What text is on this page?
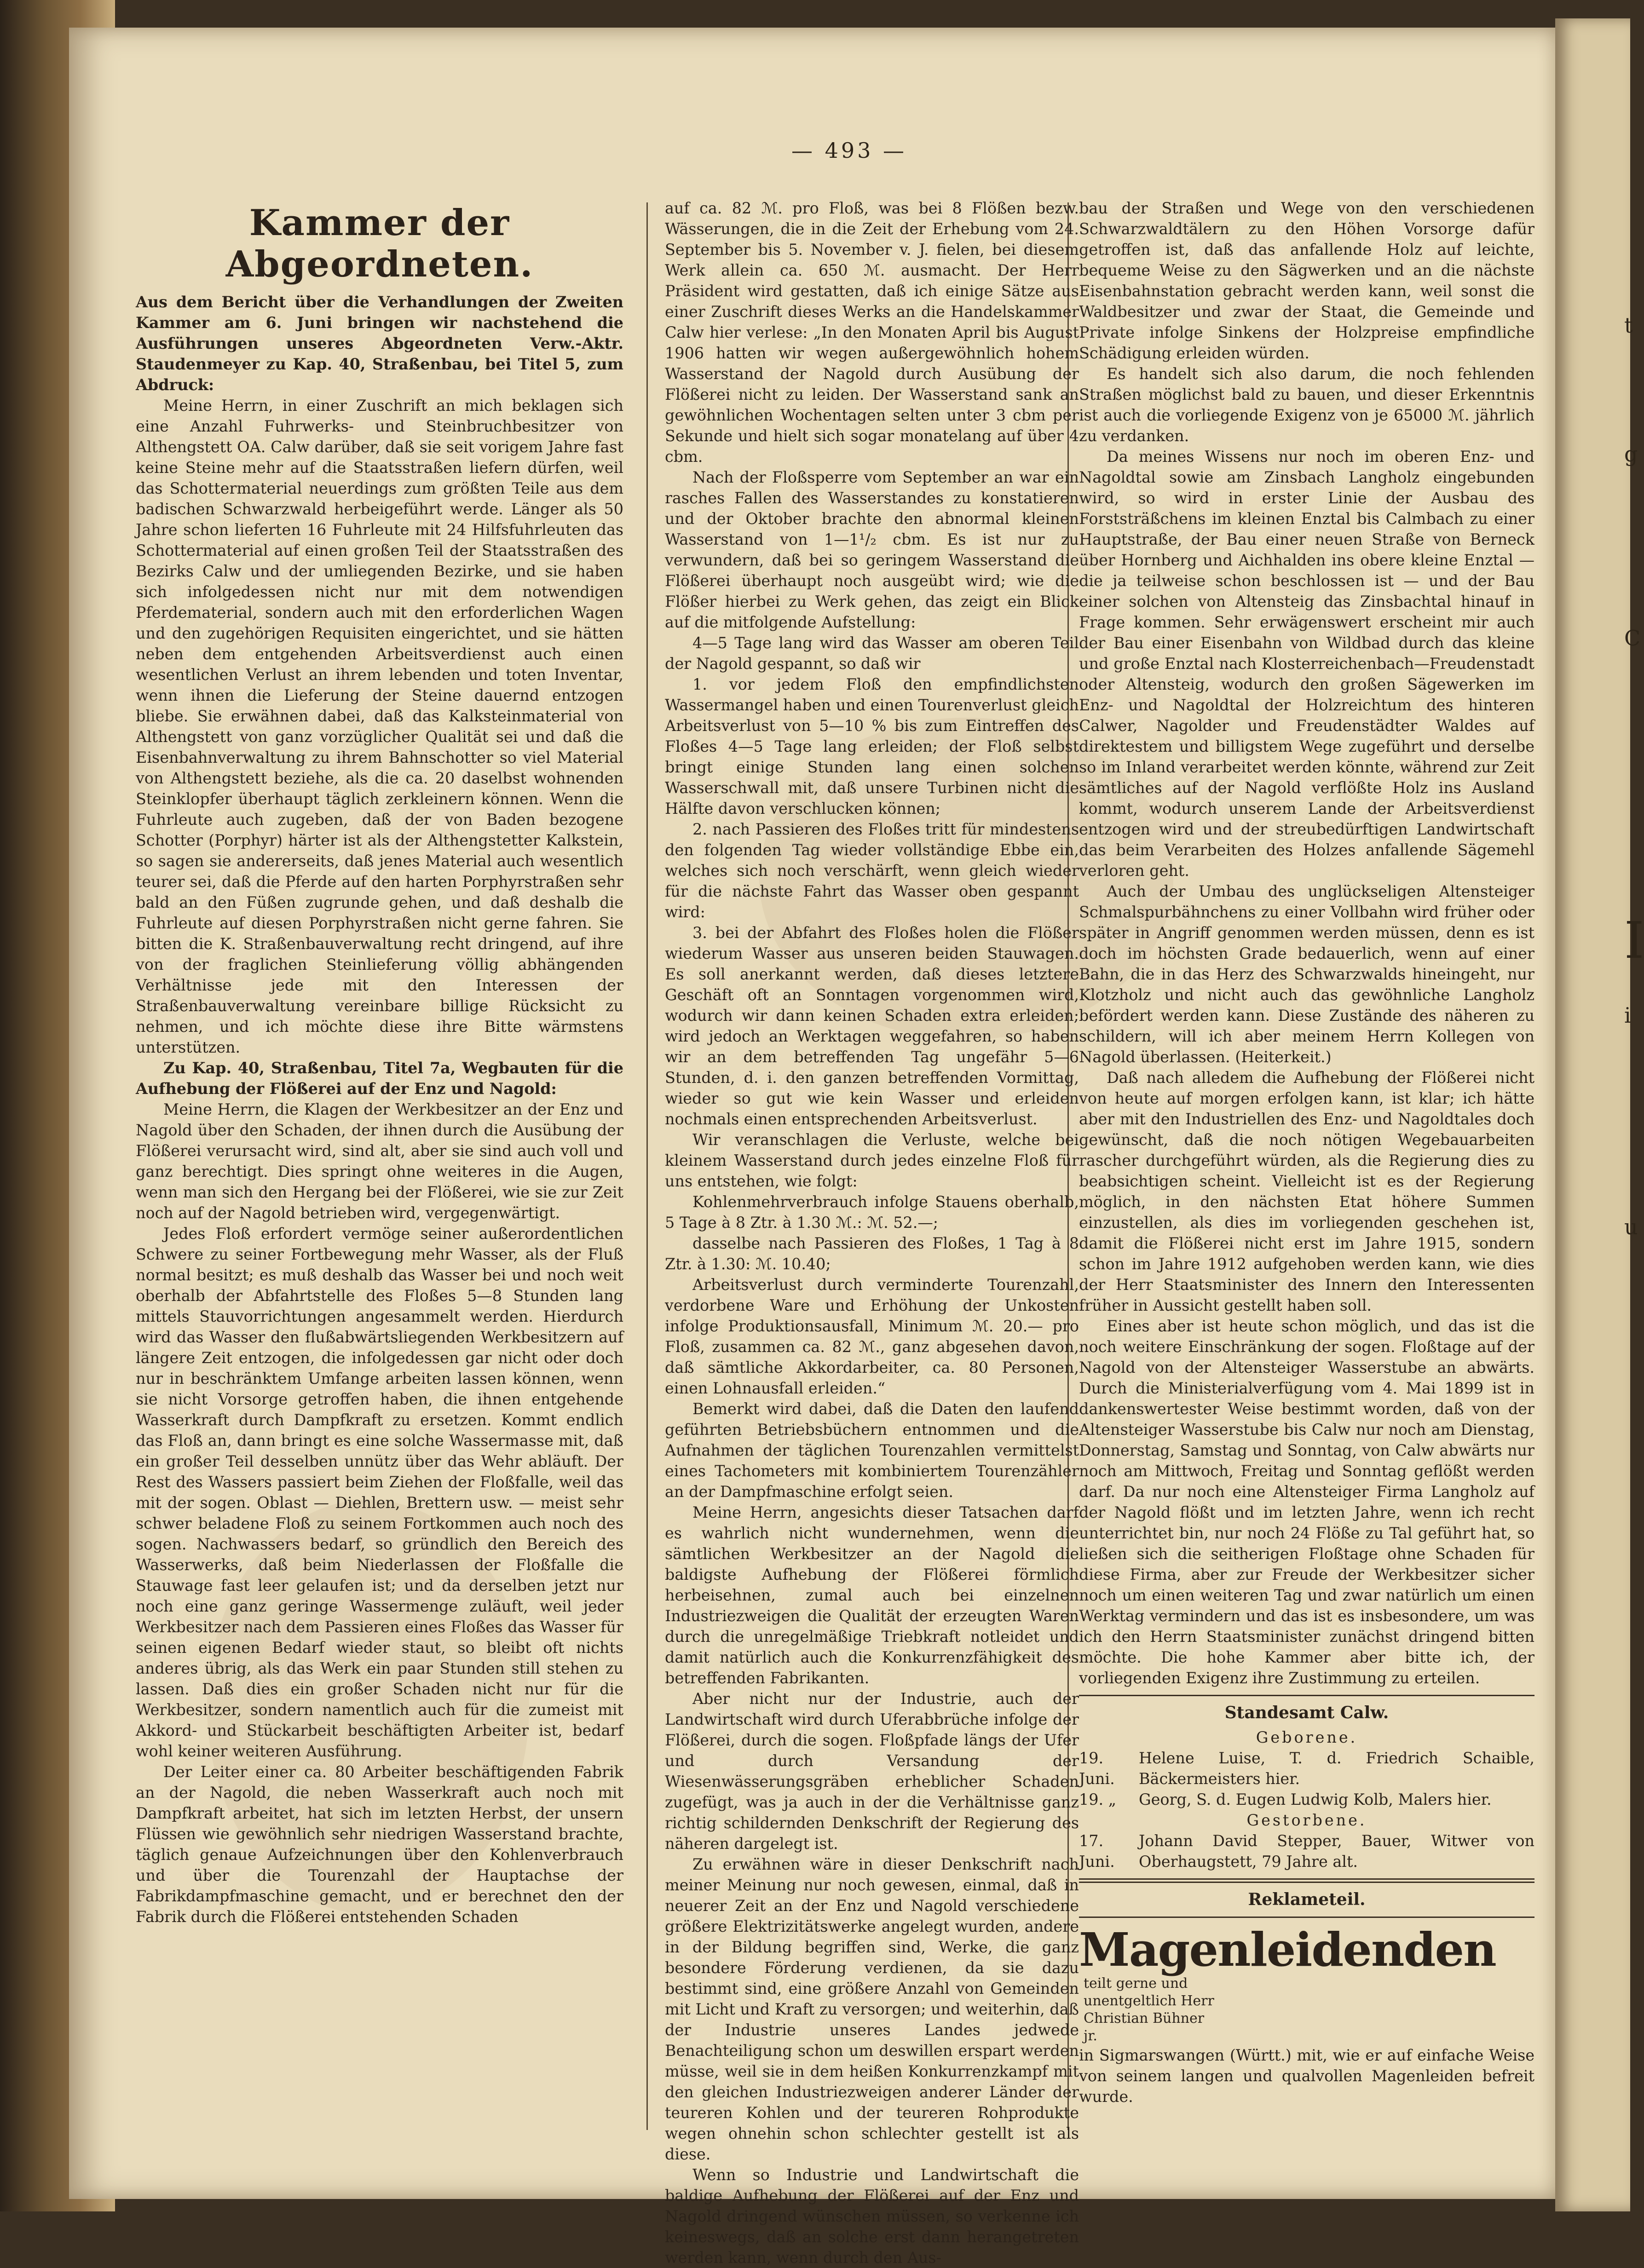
t
g
C
I
i
u

— 493 —

Kammer der Abgeordneten.

Aus dem Bericht über die Verhandlungen der Zweiten Kammer am 6. Juni bringen wir nachstehend die Ausführungen unseres Abgeordneten Verw.-Aktr. Staudenmeyer zu Kap. 40, Straßenbau, bei Titel 5, zum Abdruck:

Meine Herrn, in einer Zuschrift an mich beklagen sich eine Anzahl Fuhrwerks- und Steinbruchbesitzer von Althengstett OA. Calw darüber, daß sie seit vorigem Jahre fast keine Steine mehr auf die Staatsstraßen liefern dürfen, weil das Schottermaterial neuerdings zum größten Teile aus dem badischen Schwarzwald herbeigeführt werde. Länger als 50 Jahre schon lieferten 16 Fuhrleute mit 24 Hilfsfuhrleuten das Schottermaterial auf einen großen Teil der Staatsstraßen des Bezirks Calw und der umliegenden Bezirke, und sie haben sich infolgedessen nicht nur mit dem notwendigen Pferdematerial, sondern auch mit den erforderlichen Wagen und den zugehörigen Requisiten eingerichtet, und sie hätten neben dem entgehenden Arbeitsverdienst auch einen wesentlichen Verlust an ihrem lebenden und toten Inventar, wenn ihnen die Lieferung der Steine dauernd entzogen bliebe. Sie erwähnen dabei, daß das Kalksteinmaterial von Althengstett von ganz vorzüglicher Qualität sei und daß die Eisenbahnverwaltung zu ihrem Bahnschotter so viel Material von Althengstett beziehe, als die ca. 20 daselbst wohnenden Steinklopfer überhaupt täglich zerkleinern können. Wenn die Fuhrleute auch zugeben, daß der von Baden bezogene Schotter (Porphyr) härter ist als der Althengstetter Kalkstein, so sagen sie andererseits, daß jenes Material auch wesentlich teurer sei, daß die Pferde auf den harten Porphyrstraßen sehr bald an den Füßen zugrunde gehen, und daß deshalb die Fuhrleute auf diesen Porphyrstraßen nicht gerne fahren. Sie bitten die K. Straßenbauverwaltung recht dringend, auf ihre von der fraglichen Steinlieferung völlig abhängenden Verhältnisse jede mit den Interessen der Straßenbauverwaltung vereinbare billige Rücksicht zu nehmen, und ich möchte diese ihre Bitte wärmstens unterstützen.

Zu Kap. 40, Straßenbau, Titel 7a, Wegbauten für die Aufhebung der Flößerei auf der Enz und Nagold:

Meine Herrn, die Klagen der Werkbesitzer an der Enz und Nagold über den Schaden, der ihnen durch die Ausübung der Flößerei verursacht wird, sind alt, aber sie sind auch voll und ganz berechtigt. Dies springt ohne weiteres in die Augen, wenn man sich den Hergang bei der Flößerei, wie sie zur Zeit noch auf der Nagold betrieben wird, vergegenwärtigt.

Jedes Floß erfordert vermöge seiner außerordentlichen Schwere zu seiner Fortbewegung mehr Wasser, als der Fluß normal besitzt; es muß deshalb das Wasser bei und noch weit oberhalb der Abfahrtstelle des Floßes 5—8 Stunden lang mittels Stauvorrichtungen angesammelt werden. Hierdurch wird das Wasser den flußabwärtsliegenden Werkbesitzern auf längere Zeit entzogen, die infolgedessen gar nicht oder doch nur in beschränktem Umfange arbeiten lassen können, wenn sie nicht Vorsorge getroffen haben, die ihnen entgehende Wasserkraft durch Dampfkraft zu ersetzen. Kommt endlich das Floß an, dann bringt es eine solche Wassermasse mit, daß ein großer Teil desselben unnütz über das Wehr abläuft. Der Rest des Wassers passiert beim Ziehen der Floßfalle, weil das mit der sogen. Oblast — Diehlen, Brettern usw. — meist sehr schwer beladene Floß zu seinem Fortkommen auch noch des sogen. Nachwassers bedarf, so gründlich den Bereich des Wasserwerks, daß beim Niederlassen der Floßfalle die Stauwage fast leer gelaufen ist; und da derselben jetzt nur noch eine ganz geringe Wassermenge zuläuft, weil jeder Werkbesitzer nach dem Passieren eines Floßes das Wasser für seinen eigenen Bedarf wieder staut, so bleibt oft nichts anderes übrig, als das Werk ein paar Stunden still stehen zu lassen. Daß dies ein großer Schaden nicht nur für die Werkbesitzer, sondern namentlich auch für die zumeist mit Akkord- und Stückarbeit beschäftigten Arbeiter ist, bedarf wohl keiner weiteren Ausführung.

Der Leiter einer ca. 80 Arbeiter beschäftigenden Fabrik an der Nagold, die neben Wasserkraft auch noch mit Dampfkraft arbeitet, hat sich im letzten Herbst, der unsern Flüssen wie gewöhnlich sehr niedrigen Wasserstand brachte, täglich genaue Aufzeichnungen über den Kohlenverbrauch und über die Tourenzahl der Hauptachse der Fabrikdampfmaschine gemacht, und er berechnet den der Fabrik durch die Flößerei entstehenden Schaden

auf ca. 82 ℳ. pro Floß, was bei 8 Flößen bezw. Wässerungen, die in die Zeit der Erhebung vom 24. September bis 5. November v. J. fielen, bei diesem Werk allein ca. 650 ℳ. ausmacht. Der Herr Präsident wird gestatten, daß ich einige Sätze aus einer Zuschrift dieses Werks an die Handelskammer Calw hier verlese: „In den Monaten April bis August 1906 hatten wir wegen außergewöhnlich hohem Wasserstand der Nagold durch Ausübung der Flößerei nicht zu leiden. Der Wasserstand sank an gewöhnlichen Wochentagen selten unter 3 cbm per Sekunde und hielt sich sogar monatelang auf über 4 cbm.

Nach der Floßsperre vom September an war ein rasches Fallen des Wasserstandes zu konstatieren und der Oktober brachte den abnormal kleinen Wasserstand von 1—1¹/₂ cbm. Es ist nur zu verwundern, daß bei so geringem Wasserstand die Flößerei überhaupt noch ausgeübt wird; wie die Flößer hierbei zu Werk gehen, das zeigt ein Blick auf die mitfolgende Aufstellung:

4—5 Tage lang wird das Wasser am oberen Teil der Nagold gespannt, so daß wir

1. vor jedem Floß den empfindlichsten Wassermangel haben und einen Tourenverlust gleich Arbeitsverlust von 5—10 % bis zum Eintreffen des Floßes 4—5 Tage lang erleiden; der Floß selbst bringt einige Stunden lang einen solchen Wasserschwall mit, daß unsere Turbinen nicht die Hälfte davon verschlucken können;

2. nach Passieren des Floßes tritt für mindestens den folgenden Tag wieder vollständige Ebbe ein, welches sich noch verschärft, wenn gleich wieder für die nächste Fahrt das Wasser oben gespannt wird:

3. bei der Abfahrt des Floßes holen die Flößer wiederum Wasser aus unseren beiden Stauwagen. Es soll anerkannt werden, daß dieses letztere Geschäft oft an Sonntagen vorgenommen wird, wodurch wir dann keinen Schaden extra erleiden; wird jedoch an Werktagen weggefahren, so haben wir an dem betreffenden Tag ungefähr 5—6 Stunden, d. i. den ganzen betreffenden Vormittag, wieder so gut wie kein Wasser und erleiden nochmals einen entsprechenden Arbeitsverlust.

Wir veranschlagen die Verluste, welche bei kleinem Wasserstand durch jedes einzelne Floß für uns entstehen, wie folgt:

Kohlenmehrverbrauch infolge Stauens oberhalb, 5 Tage à 8 Ztr. à 1.30 ℳ.: ℳ. 52.—;

dasselbe nach Passieren des Floßes, 1 Tag à 8 Ztr. à 1.30: ℳ. 10.40;

Arbeitsverlust durch verminderte Tourenzahl, verdorbene Ware und Erhöhung der Unkosten infolge Produktionsausfall, Minimum ℳ. 20.— pro Floß, zusammen ca. 82 ℳ., ganz abgesehen davon, daß sämtliche Akkordarbeiter, ca. 80 Personen, einen Lohnausfall erleiden.“

Bemerkt wird dabei, daß die Daten den laufend geführten Betriebsbüchern entnommen und die Aufnahmen der täglichen Tourenzahlen vermittelst eines Tachometers mit kombiniertem Tourenzähler an der Dampfmaschine erfolgt seien.

Meine Herrn, angesichts dieser Tatsachen darf es wahrlich nicht wundernehmen, wenn die sämtlichen Werkbesitzer an der Nagold die baldigste Aufhebung der Flößerei förmlich herbeisehnen, zumal auch bei einzelnen Industriezweigen die Qualität der erzeugten Waren durch die unregelmäßige Triebkraft notleidet und damit natürlich auch die Konkurrenzfähigkeit des betreffenden Fabrikanten.

Aber nicht nur der Industrie, auch der Landwirtschaft wird durch Uferabbrüche infolge der Flößerei, durch die sogen. Floßpfade längs der Ufer und durch Versandung der Wiesenwässerungsgräben erheblicher Schaden zugefügt, was ja auch in der die Verhältnisse ganz richtig schildernden Denkschrift der Regierung des näheren dargelegt ist.

Zu erwähnen wäre in dieser Denkschrift nach meiner Meinung nur noch gewesen, einmal, daß in neuerer Zeit an der Enz und Nagold verschiedene größere Elektrizitätswerke angelegt wurden, andere in der Bildung begriffen sind, Werke, die ganz besondere Förderung verdienen, da sie dazu bestimmt sind, eine größere Anzahl von Gemeinden mit Licht und Kraft zu versorgen; und weiterhin, daß der Industrie unseres Landes jedwede Benachteiligung schon um deswillen erspart werden müsse, weil sie in dem heißen Konkurrenzkampf mit den gleichen Industriezweigen anderer Länder der teureren Kohlen und der teureren Rohprodukte wegen ohnehin schon schlechter gestellt ist als diese.

Wenn so Industrie und Landwirtschaft die baldige Aufhebung der Flößerei auf der Enz und Nagold dringend wünschen müssen, so verkenne ich keineswegs, daß an solche erst dann herangetreten werden kann, wenn durch den Aus-

bau der Straßen und Wege von den verschiedenen Schwarzwaldtälern zu den Höhen Vorsorge dafür getroffen ist, daß das anfallende Holz auf leichte, bequeme Weise zu den Sägwerken und an die nächste Eisenbahnstation gebracht werden kann, weil sonst die Waldbesitzer und zwar der Staat, die Gemeinde und Private infolge Sinkens der Holzpreise empfindliche Schädigung erleiden würden.

Es handelt sich also darum, die noch fehlenden Straßen möglichst bald zu bauen, und dieser Erkenntnis ist auch die vorliegende Exigenz von je 65000 ℳ. jährlich zu verdanken.

Da meines Wissens nur noch im oberen Enz- und Nagoldtal sowie am Zinsbach Langholz eingebunden wird, so wird in erster Linie der Ausbau des Forststräßchens im kleinen Enztal bis Calmbach zu einer Hauptstraße, der Bau einer neuen Straße von Berneck über Hornberg und Aichhalden ins obere kleine Enztal — die ja teilweise schon beschlossen ist — und der Bau einer solchen von Altensteig das Zinsbachtal hinauf in Frage kommen. Sehr erwägenswert erscheint mir auch der Bau einer Eisenbahn von Wildbad durch das kleine und große Enztal nach Klosterreichenbach—Freudenstadt oder Altensteig, wodurch den großen Sägewerken im Enz- und Nagoldtal der Holzreichtum des hinteren Calwer, Nagolder und Freudenstädter Waldes auf direktestem und billigstem Wege zugeführt und derselbe so im Inland verarbeitet werden könnte, während zur Zeit sämtliches auf der Nagold verflößte Holz ins Ausland kommt, wodurch unserem Lande der Arbeitsverdienst entzogen wird und der streubedürftigen Landwirtschaft das beim Verarbeiten des Holzes anfallende Sägemehl verloren geht.

Auch der Umbau des unglückseligen Altensteiger Schmalspurbähnchens zu einer Vollbahn wird früher oder später in Angriff genommen werden müssen, denn es ist doch im höchsten Grade bedauerlich, wenn auf einer Bahn, die in das Herz des Schwarzwalds hineingeht, nur Klotzholz und nicht auch das gewöhnliche Langholz befördert werden kann. Diese Zustände des näheren zu schildern, will ich aber meinem Herrn Kollegen von Nagold überlassen. (Heiterkeit.)

Daß nach alledem die Aufhebung der Flößerei nicht von heute auf morgen erfolgen kann, ist klar; ich hätte aber mit den Industriellen des Enz- und Nagoldtales doch gewünscht, daß die noch nötigen Wegebauarbeiten rascher durchgeführt würden, als die Regierung dies zu beabsichtigen scheint. Vielleicht ist es der Regierung möglich, in den nächsten Etat höhere Summen einzustellen, als dies im vorliegenden geschehen ist, damit die Flößerei nicht erst im Jahre 1915, sondern schon im Jahre 1912 aufgehoben werden kann, wie dies der Herr Staatsminister des Innern den Interessenten früher in Aussicht gestellt haben soll.

Eines aber ist heute schon möglich, und das ist die noch weitere Einschränkung der sogen. Floßtage auf der Nagold von der Altensteiger Wasserstube an abwärts. Durch die Ministerialverfügung vom 4. Mai 1899 ist in dankenswertester Weise bestimmt worden, daß von der Altensteiger Wasserstube bis Calw nur noch am Dienstag, Donnerstag, Samstag und Sonntag, von Calw abwärts nur noch am Mittwoch, Freitag und Sonntag geflößt werden darf. Da nur noch eine Altensteiger Firma Langholz auf der Nagold flößt und im letzten Jahre, wenn ich recht unterrichtet bin, nur noch 24 Flöße zu Tal geführt hat, so ließen sich die seitherigen Floßtage ohne Schaden für diese Firma, aber zur Freude der Werkbesitzer sicher noch um einen weiteren Tag und zwar natürlich um einen Werktag vermindern und das ist es insbesondere, um was ich den Herrn Staatsminister zunächst dringend bitten möchte. Die hohe Kammer aber bitte ich, der vorliegenden Exigenz ihre Zustimmung zu erteilen.

Standesamt Calw.

Geborene.

19. Juni.	Helene Luise, T. d. Friedrich Schaible, Bäckermeisters hier.
19. „	Georg, S. d. Eugen Ludwig Kolb, Malers hier.

Gestorbene.

17. Juni.	Johann David Stepper, Bauer, Witwer von Oberhaugstett, 79 Jahre alt.
Reklameteil.
Magenleidendenteilt gerne und unentgeltlich Herr Christian Bühner jr.
in Sigmarswangen (Württ.) mit, wie er auf einfache Weise von seinem langen und qualvollen Magenleiden befreit wurde.
